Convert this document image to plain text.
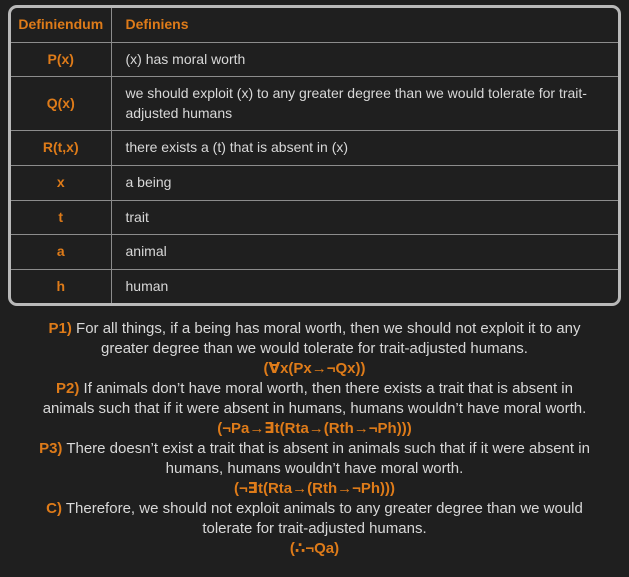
Definiendum	Definiens
P(x)	(x) has moral worth
Q(x)	we should exploit (x) to any greater degree than we would tolerate for trait-adjusted humans
R(t,x)	there exists a (t) that is absent in (x)
x	a being
t	trait
a	animal
h	human

P1) For all things, if a being has moral worth, then we should not exploit it to any greater degree than we would tolerate for trait-adjusted humans.

(∀x(Px→¬Qx))

P2) If animals don’t have moral worth, then there exists a trait that is absent in animals such that if it were absent in humans, humans wouldn’t have moral worth.

(¬Pa→∃t(Rta→(Rth→¬Ph)))

P3) There doesn’t exist a trait that is absent in animals such that if it were absent in humans, humans wouldn’t have moral worth.

(¬∃t(Rta→(Rth→¬Ph)))

C) Therefore, we should not exploit animals to any greater degree than we would tolerate for trait-adjusted humans.

(∴¬Qa)
